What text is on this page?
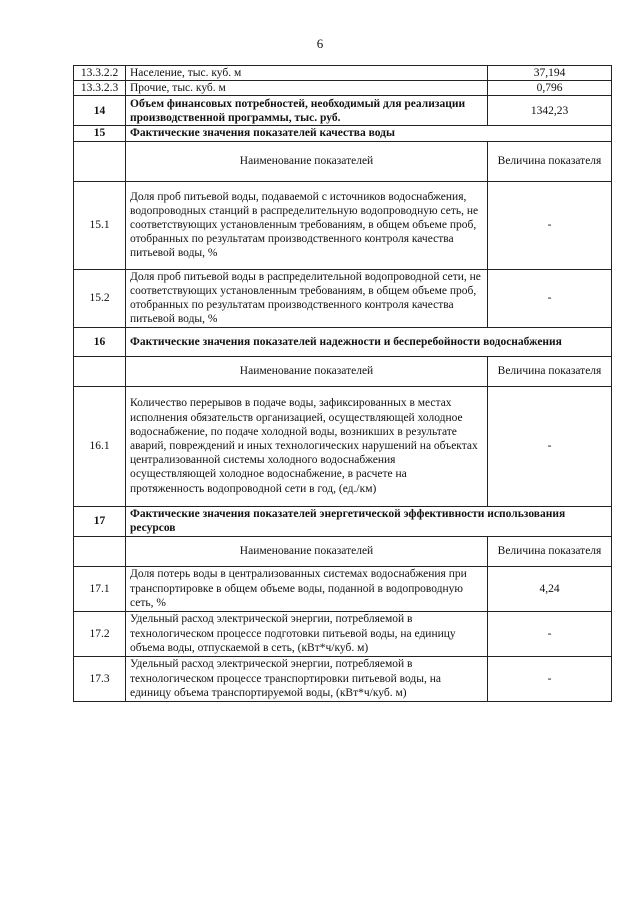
6
13.3.2.2	Население, тыс. куб. м	37,194
13.3.2.3	Прочие, тыс. куб. м	0,796
14	Объем финансовых потребностей, необходимый для реализации производственной программы, тыс. руб.	1342,23
15	Фактические значения показателей качества воды	
	Наименование показателей	Величина показателя
15.1	Доля проб питьевой воды, подаваемой с источников водоснабжения, водопроводных станций в распределительную водопроводную сеть, не соответствующих установленным требованиям, в общем объеме проб, отобранных по результатам производственного контроля качества питьевой воды, %	-
15.2	Доля проб питьевой воды в распределительной водопроводной сети, не соответствующих установленным требованиям, в общем объеме проб, отобранных по результатам производственного контроля качества питьевой воды, %	-
16	Фактические значения показателей надежности и бесперебойности водоснабжения	
	Наименование показателей	Величина показателя
16.1	Количество перерывов в подаче воды, зафиксированных в местах исполнения обязательств организацией, осуществляющей холодное водоснабжение, по подаче холодной воды, возникших в результате аварий, повреждений и иных технологических нарушений на объектах централизованной системы холодного водоснабжения осуществляющей холодное водоснабжение, в расчете на протяженность водопроводной сети в год, (ед./км)	-
17	Фактические значения показателей энергетической эффективности использования ресурсов	
	Наименование показателей	Величина показателя
17.1	Доля потерь воды в централизованных системах водоснабжения при транспортировке в общем объеме воды, поданной в водопроводную сеть, %	4,24
17.2	Удельный расход электрической энергии, потребляемой в технологическом процессе подготовки питьевой воды, на единицу объема воды, отпускаемой в сеть, (кВт*ч/куб. м)	-
17.3	Удельный расход электрической энергии, потребляемой в технологическом процессе транспортировки питьевой воды, на единицу объема транспортируемой воды, (кВт*ч/куб. м)	-
